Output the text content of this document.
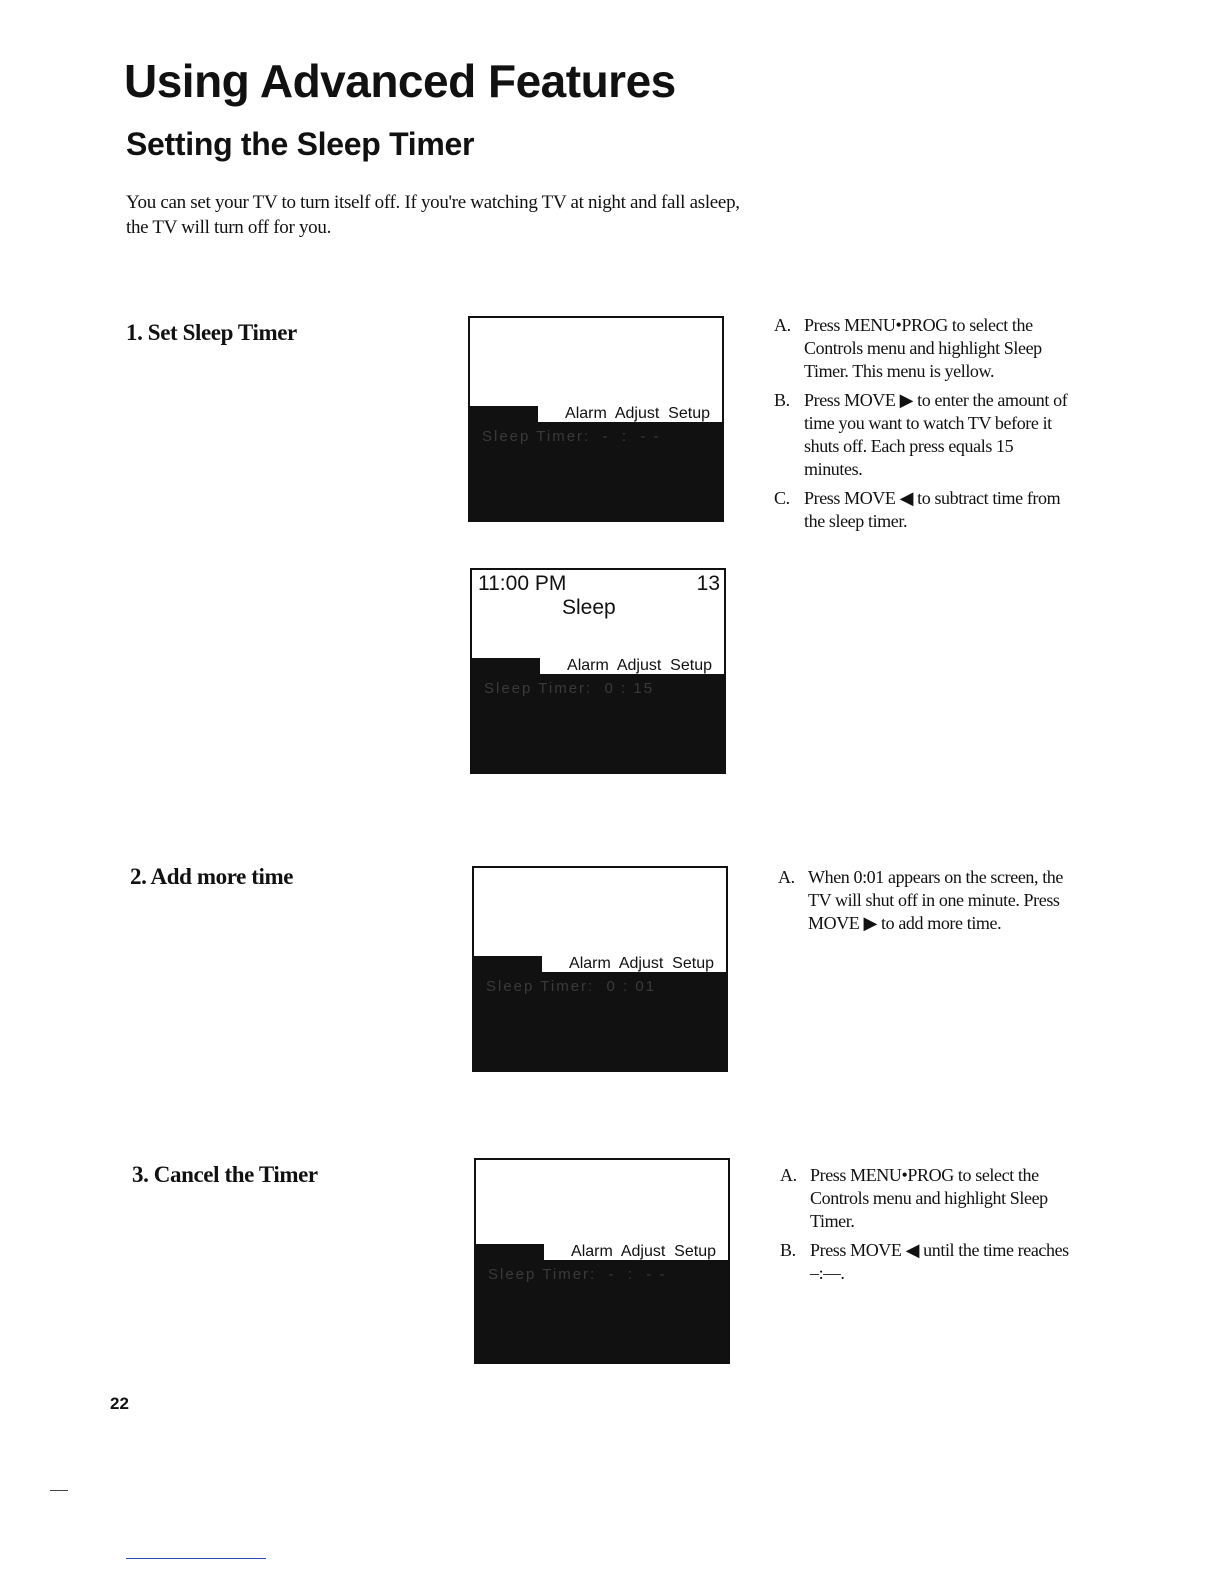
Using Advanced Features
Setting the Sleep Timer

You can set your TV to turn itself off. If you're watching TV at night and fall asleep, the TV will turn off for you.

1. Set Sleep Timer

Alarm  Adjust  Setup
Sleep Timer:  -  :  - -
11:00 PM	13
Sleep
Alarm  Adjust  Setup
Sleep Timer:  0 : 15
A. Press MENU•PROG to select the Controls menu and highlight Sleep Timer. This menu is yellow.
B. Press MOVE ▶ to enter the amount of time you want to watch TV before it shuts off. Each press equals 15 minutes.
C. Press MOVE ◀ to subtract time from the sleep timer.

2. Add more time

Alarm  Adjust  Setup
Sleep Timer:  0 : 01
A. When 0:01 appears on the screen, the TV will shut off in one minute. Press MOVE ▶ to add more time.

3. Cancel the Timer

Alarm  Adjust  Setup
Sleep Timer:  -  :  - -
A. Press MENU•PROG to select the Controls menu and highlight Sleep Timer.
B. Press MOVE ◀ until the time reaches –:––.
22
